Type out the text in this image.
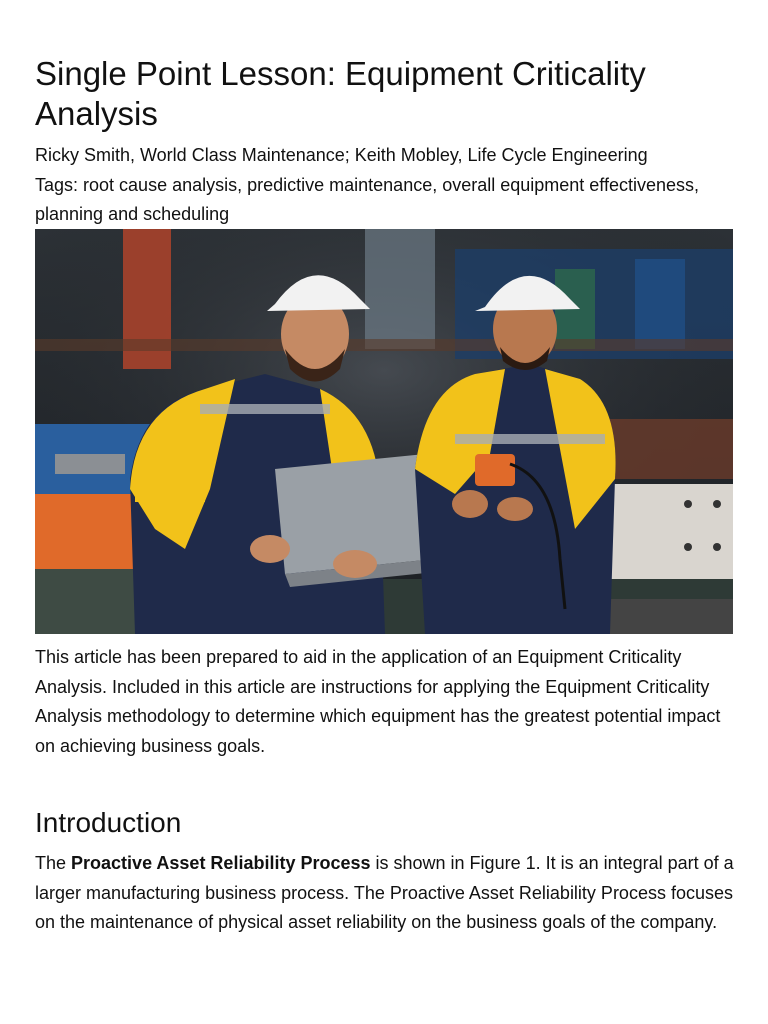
Single Point Lesson: Equipment Criticality Analysis
Ricky Smith, World Class Maintenance; Keith Mobley, Life Cycle Engineering
Tags: root cause analysis, predictive maintenance, overall equipment effectiveness, planning and scheduling

This article has been prepared to aid in the application of an Equipment Criticality Analysis. Included in this article are instructions for applying the Equipment Criticality Analysis methodology to determine which equipment has the greatest potential impact on achieving business goals.

Introduction

The Proactive Asset Reliability Process is shown in Figure 1. It is an integral part of a larger manufacturing business process. The Proactive Asset Reliability Process focuses on the maintenance of physical asset reliability on the business goals of the company.
